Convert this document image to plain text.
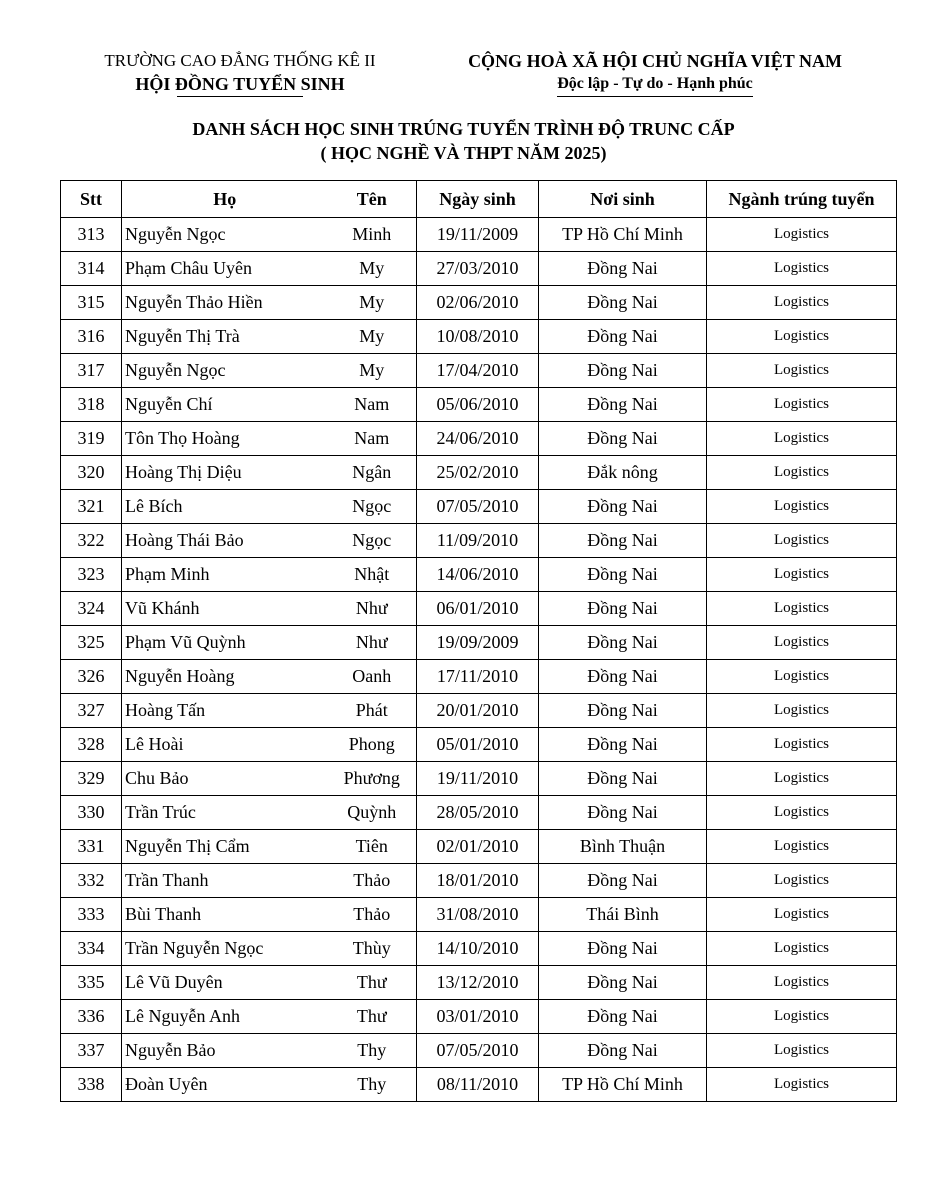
TRƯỜNG CAO ĐẲNG THỐNG KÊ II
HỘI ĐỒNG TUYỂN SINH
CỘNG HOÀ XÃ HỘI CHỦ NGHĨA VIỆT NAM
Độc lập - Tự do - Hạnh phúc
DANH SÁCH HỌC SINH TRÚNG TUYỂN TRÌNH ĐỘ TRUNC CẤP
( HỌC NGHỀ VÀ THPT NĂM 2025)
Stt	Họ	Tên	Ngày sinh	Nơi sinh	Ngành trúng tuyển
313	Nguyễn Ngọc	Minh	19/11/2009	TP Hồ Chí Minh	Logistics
314	Phạm Châu Uyên	My	27/03/2010	Đồng Nai	Logistics
315	Nguyễn Thảo Hiền	My	02/06/2010	Đồng Nai	Logistics
316	Nguyễn Thị Trà	My	10/08/2010	Đồng Nai	Logistics
317	Nguyễn Ngọc	My	17/04/2010	Đồng Nai	Logistics
318	Nguyễn Chí	Nam	05/06/2010	Đồng Nai	Logistics
319	Tôn Thọ Hoàng	Nam	24/06/2010	Đồng Nai	Logistics
320	Hoàng Thị Diệu	Ngân	25/02/2010	Đắk nông	Logistics
321	Lê Bích	Ngọc	07/05/2010	Đồng Nai	Logistics
322	Hoàng Thái Bảo	Ngọc	11/09/2010	Đồng Nai	Logistics
323	Phạm Minh	Nhật	14/06/2010	Đồng Nai	Logistics
324	Vũ Khánh	Như	06/01/2010	Đồng Nai	Logistics
325	Phạm Vũ Quỳnh	Như	19/09/2009	Đồng Nai	Logistics
326	Nguyễn Hoàng	Oanh	17/11/2010	Đồng Nai	Logistics
327	Hoàng Tấn	Phát	20/01/2010	Đồng Nai	Logistics
328	Lê Hoài	Phong	05/01/2010	Đồng Nai	Logistics
329	Chu Bảo	Phương	19/11/2010	Đồng Nai	Logistics
330	Trần Trúc	Quỳnh	28/05/2010	Đồng Nai	Logistics
331	Nguyễn Thị Cẩm	Tiên	02/01/2010	Bình Thuận	Logistics
332	Trần Thanh	Thảo	18/01/2010	Đồng Nai	Logistics
333	Bùi Thanh	Thảo	31/08/2010	Thái Bình	Logistics
334	Trần Nguyễn Ngọc	Thùy	14/10/2010	Đồng Nai	Logistics
335	Lê Vũ Duyên	Thư	13/12/2010	Đồng Nai	Logistics
336	Lê Nguyễn Anh	Thư	03/01/2010	Đồng Nai	Logistics
337	Nguyễn Bảo	Thy	07/05/2010	Đồng Nai	Logistics
338	Đoàn Uyên	Thy	08/11/2010	TP Hồ Chí Minh	Logistics
